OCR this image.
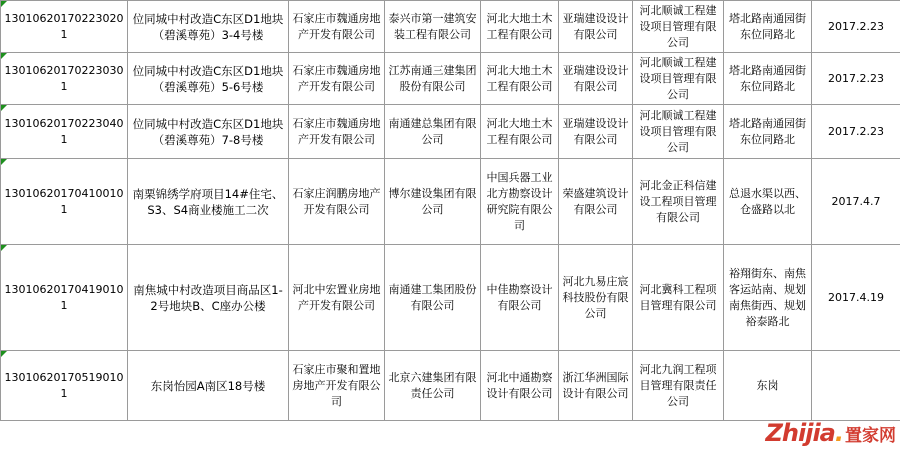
130106201702230201	位同城中村改造C东区D1地块（碧溪尊苑）3-4号楼	石家庄市魏通房地产开发有限公司	泰兴市第一建筑安装工程有限公司	河北大地土木工程有限公司	亚瑞建设设计有限公司	河北顺诚工程建设项目管理有限公司	塔北路南通园街东位同路北	2017.2.23

130106201702230301	位同城中村改造C东区D1地块（碧溪尊苑）5-6号楼	石家庄市魏通房地产开发有限公司	江苏南通三建集团股份有限公司	河北大地土木工程有限公司	亚瑞建设设计有限公司	河北顺诚工程建设项目管理有限公司	塔北路南通园街东位同路北	2017.2.23

130106201702230401	位同城中村改造C东区D1地块（碧溪尊苑）7-8号楼	石家庄市魏通房地产开发有限公司	南通建总集团有限公司	河北大地土木工程有限公司	亚瑞建设设计有限公司	河北顺诚工程建设项目管理有限公司	塔北路南通园街东位同路北	2017.2.23

130106201704100101	南栗锦绣学府项目14#住宅、S3、S4商业楼施工二次	石家庄润鹏房地产开发有限公司	博尔建设集团有限公司	中国兵器工业北方勘察设计研究院有限公司	荣盛建筑设计有限公司	河北金正科信建设工程项目管理有限公司	总退水渠以西、仓盛路以北	2017.4.7

130106201704190101	南焦城中村改造项目商品区1-2号地块B、C座办公楼	河北中宏置业房地产开发有限公司	南通建工集团股份有限公司	中佳勘察设计有限公司	河北九易庄宸科技股份有限公司	河北冀科工程项目管理有限公司	裕翔街东、南焦客运站南、规划南焦街西、规划裕泰路北	2017.4.19

130106201705190101	东岗怡园A南区18号楼	石家庄市聚和置地房地产开发有限公司	北京六建集团有限责任公司	河北中通勘察设计有限公司	浙江华洲国际设计有限公司	河北九润工程项目管理有限责任公司	东岗	
Zhijia. 置家网
